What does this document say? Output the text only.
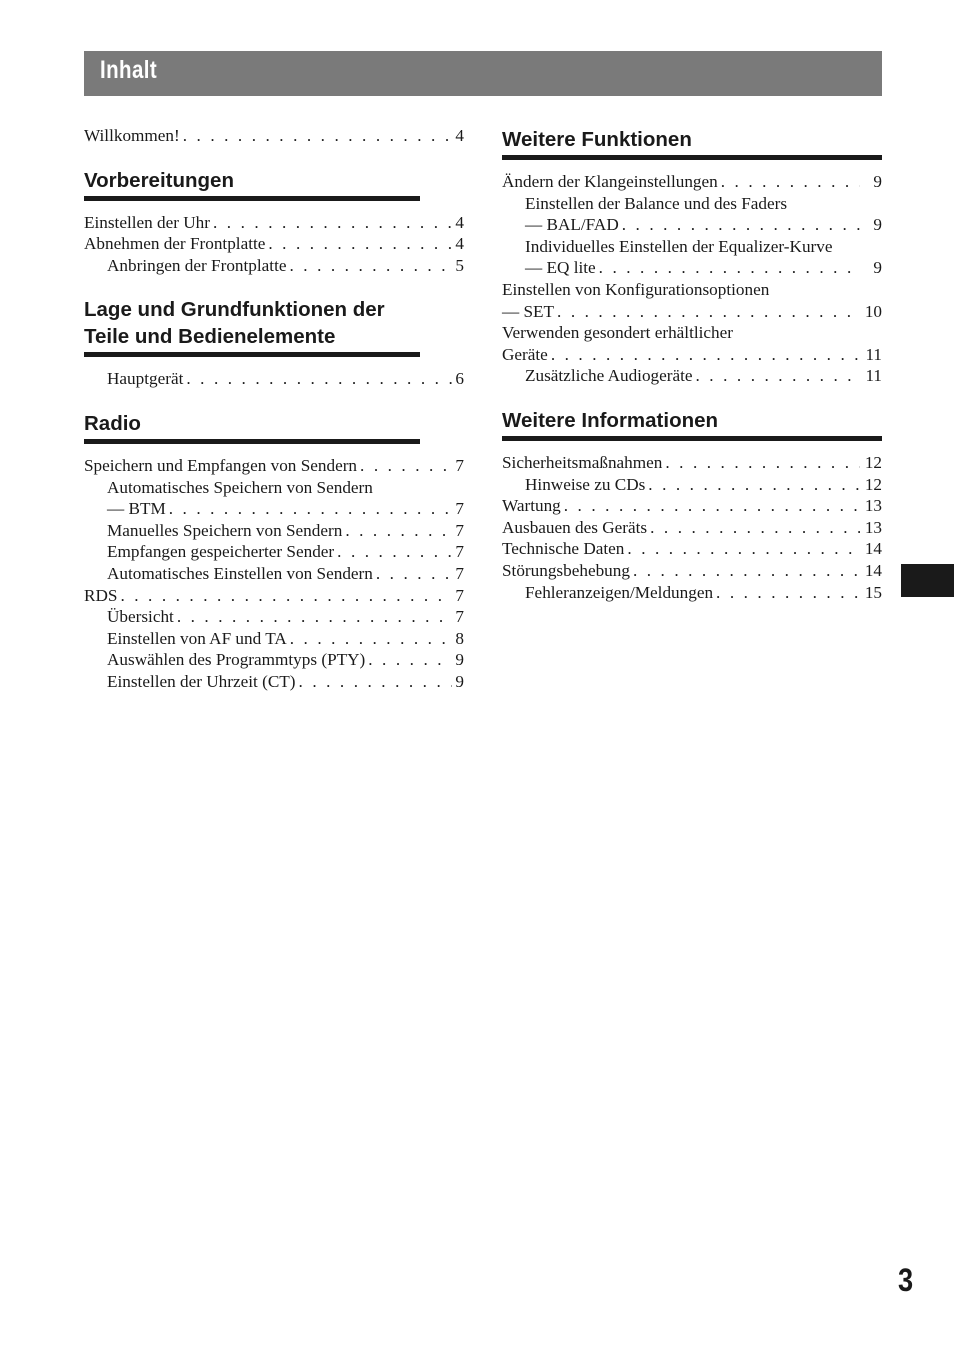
Inhalt
Willkommen! . . .	4
Vorbereitungen
Einstellen der Uhr . . .	4
Abnehmen der Frontplatte . . .	4
Anbringen der Frontplatte . . .	5
Lage und Grundfunktionen der Teile und Bedienelemente
Hauptgerät . . .	6
Radio
Speichern und Empfangen von Sendern . . .	7
Automatisches Speichern von Sendern
— BTM . . .	7
Manuelles Speichern von Sendern . . .	7
Empfangen gespeicherter Sender . . .	7
Automatisches Einstellen von Sendern . . .	7
RDS . . .	7
Übersicht . . .	7
Einstellen von AF und TA . . .	8
Auswählen des Programmtyps (PTY) . . .	9
Einstellen der Uhrzeit (CT) . . .	9
Weitere Funktionen
Ändern der Klangeinstellungen . . .	9
Einstellen der Balance und des Faders
— BAL/FAD . . .	9
Individuelles Einstellen der Equalizer-Kurve
— EQ lite . . .	9
Einstellen von Konfigurationsoptionen
— SET . . .	10
Verwenden gesondert erhältlicher
Geräte . . .	11
Zusätzliche Audiogeräte . . .	11
Weitere Informationen
Sicherheitsmaßnahmen . . .	12
Hinweise zu CDs . . .	12
Wartung . . .	13
Ausbauen des Geräts . . .	13
Technische Daten . . .	14
Störungsbehebung . . .	14
Fehleranzeigen/Meldungen . . .	15
3
